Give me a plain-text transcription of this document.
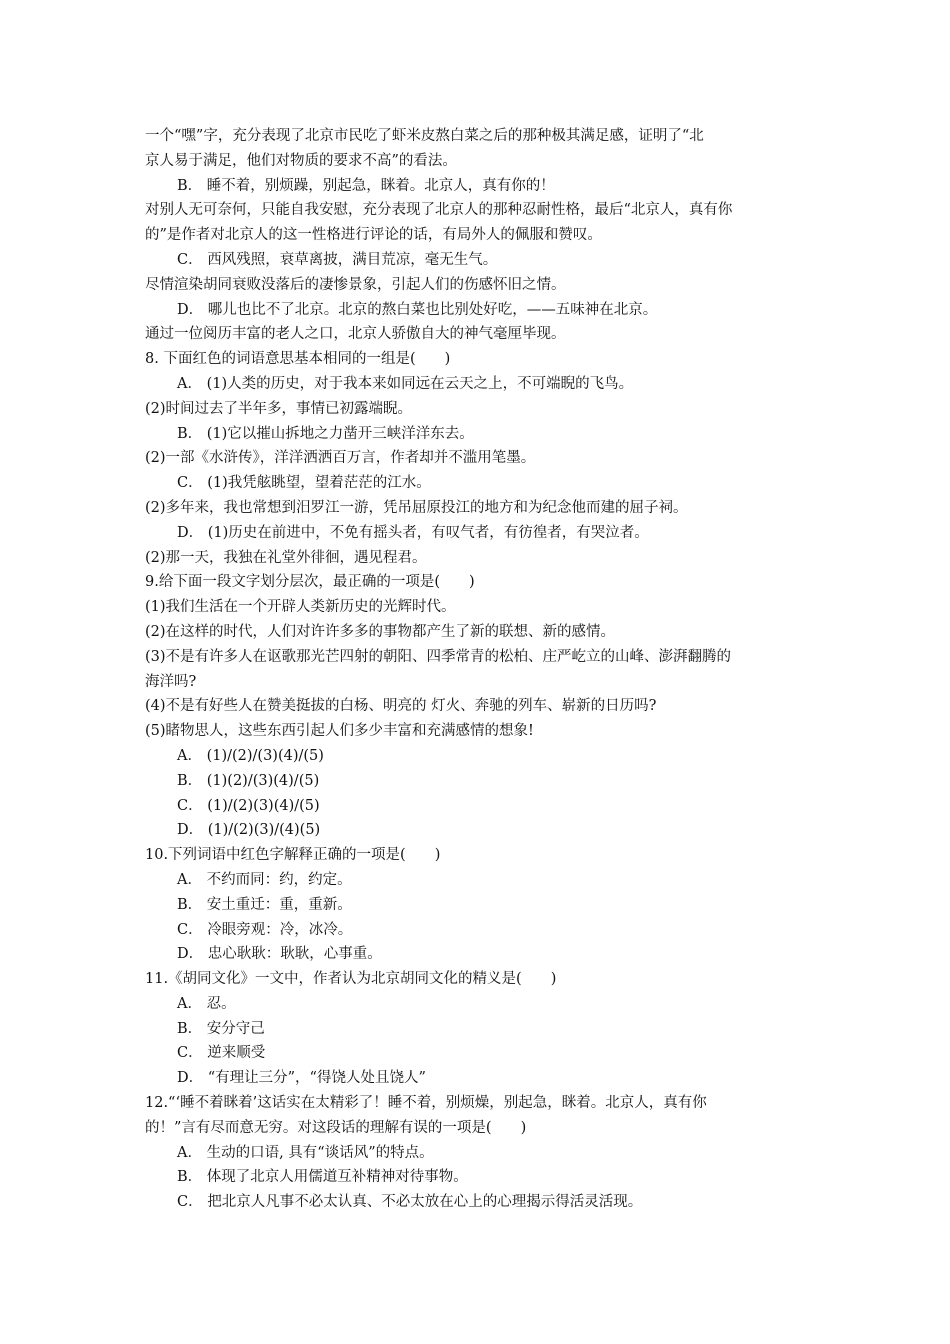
一个“嘿”字，充分表现了北京市民吃了虾米皮熬白菜之后的那种极其满足感，证明了“北
京人易于满足，他们对物质的要求不高”的看法。
B． 睡不着，别烦躁，别起急，眯着。北京人，真有你的！
对别人无可奈何，只能自我安慰，充分表现了北京人的那种忍耐性格，最后“北京人，真有你
的”是作者对北京人的这一性格进行评论的话，有局外人的佩服和赞叹。
C． 西风残照，衰草离披，满目荒凉，毫无生气。
尽情渲染胡同衰败没落后的凄惨景象，引起人们的伤感怀旧之情。
D． 哪儿也比不了北京。北京的熬白菜也比别处好吃，——五味神在北京。
通过一位阅历丰富的老人之口，北京人骄傲自大的神气毫厘毕现。
8. 下面红色的词语意思基本相同的一组是(　　)
A． (1)人类的历史，对于我本来如同远在云天之上，不可端睨的飞鸟。
(2)时间过去了半年多，事情已初露端睨。
B． (1)它以摧山拆地之力凿开三峡洋洋东去。
(2)一部《水浒传》，洋洋洒洒百万言，作者却并不滥用笔墨。
C． (1)我凭舷眺望，望着茫茫的江水。
(2)多年来，我也常想到汨罗江一游，凭吊屈原投江的地方和为纪念他而建的屈子祠。
D． (1)历史在前进中，不免有摇头者，有叹气者，有彷徨者，有哭泣者。
(2)那一天，我独在礼堂外徘徊，遇见程君。
9.给下面一段文字划分层次，最正确的一项是(　　)
(1)我们生活在一个开辟人类新历史的光辉时代。
(2)在这样的时代，人们对许许多多的事物都产生了新的联想、新的感情。
(3)不是有许多人在讴歌那光芒四射的朝阳、四季常青的松柏、庄严屹立的山峰、澎湃翻腾的
海洋吗?
(4)不是有好些人在赞美挺拔的白杨、明亮的 灯火、奔驰的列车、崭新的日历吗?
(5)睹物思人，这些东西引起人们多少丰富和充满感情的想象!
A． (1)/(2)/(3)(4)/(5)
B． (1)(2)/(3)(4)/(5)
C． (1)/(2)(3)(4)/(5)
D． (1)/(2)(3)/(4)(5)
10.下列词语中红色字解释正确的一项是(　　)
A． 不约而同：约，约定。
B． 安土重迁：重，重新。
C． 冷眼旁观：冷，冰冷。
D． 忠心耿耿：耿耿，心事重。
11.《胡同文化》一文中，作者认为北京胡同文化的精义是(　　)
A． 忍。
B． 安分守己
C． 逆来顺受
D． “有理让三分”，“得饶人处且饶人”
12.“‘睡不着眯着’这话实在太精彩了！睡不着，别烦燥，别起急，眯着。北京人，真有你
的！”言有尽而意无穷。对这段话的理解有误的一项是(　　)
A． 生动的口语, 具有“谈话风”的特点。
B． 体现了北京人用儒道互补精神对待事物。
C． 把北京人凡事不必太认真、不必太放在心上的心理揭示得活灵活现。
